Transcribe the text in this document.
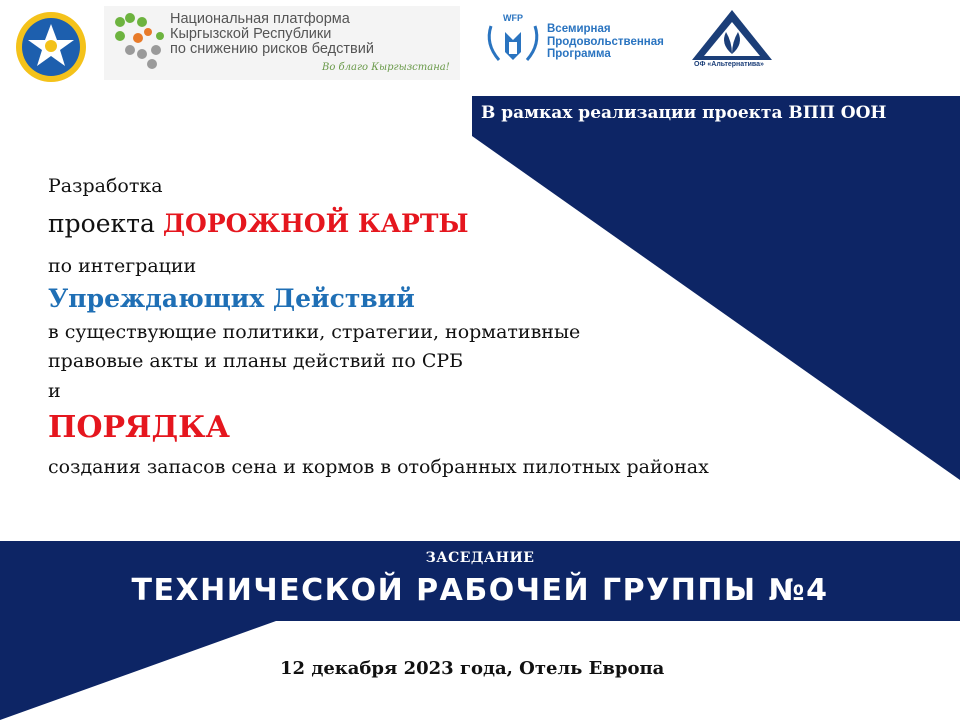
Национальная платформа
Кыргызской Республики
по снижению рисков бедствий
Во благо Кыргызстана!
WFP
Всемирная
Продовольственная
Программа
ОФ «Альтернатива»
В рамках реализации проекта ВПП ООН
Разработка
проекта ДОРОЖНОЙ КАРТЫ
по интеграции
Упреждающих Действий
в существующие политики, стратегии, нормативные
правовые акты и планы действий по СРБ
и
ПОРЯДКА
создания запасов сена и кормов в отобранных пилотных районах
ЗАСЕДАНИЕ
ТЕХНИЧЕСКОЙ РАБОЧЕЙ ГРУППЫ №4
12 декабря 2023 года, Отель Европа
